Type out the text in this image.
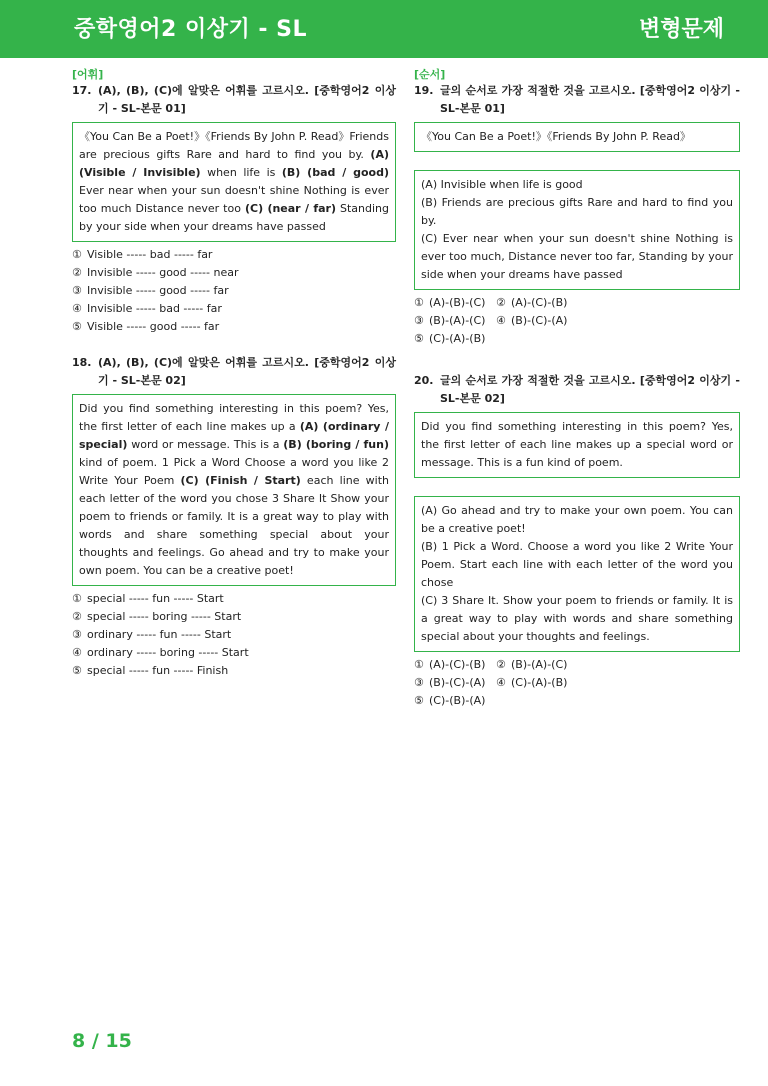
중학영어2 이상기 - SL	변형문제
[어휘]
17. (A), (B), (C)에 알맞은 어휘를 고르시오. [중학영어2 이상기 - SL-본문 01]
《You Can Be a Poet!》《Friends By John P. Read》Friends are precious gifts Rare and hard to find you by. (A) (Visible / Invisible) when life is (B) (bad / good) Ever near when your sun doesn't shine Nothing is ever too much Distance never too (C) (near / far) Standing by your side when your dreams have passed
① Visible ----- bad ----- far
② Invisible ----- good ----- near
③ Invisible ----- good ----- far
④ Invisible ----- bad ----- far
⑤ Visible ----- good ----- far
18. (A), (B), (C)에 알맞은 어휘를 고르시오. [중학영어2 이상기 - SL-본문 02]
Did you find something interesting in this poem? Yes, the first letter of each line makes up a (A) (ordinary / special) word or message. This is a (B) (boring / fun) kind of poem. 1 Pick a Word Choose a word you like 2 Write Your Poem (C) (Finish / Start) each line with each letter of the word you chose 3 Share It Show your poem to friends or family. It is a great way to play with words and share something special about your thoughts and feelings. Go ahead and try to make your own poem. You can be a creative poet!
① special ----- fun ----- Start
② special ----- boring ----- Start
③ ordinary ----- fun ----- Start
④ ordinary ----- boring ----- Start
⑤ special ----- fun ----- Finish
[순서]
19. 글의 순서로 가장 적절한 것을 고르시오. [중학영어2 이상기 - SL-본문 01]
《You Can Be a Poet!》《Friends By John P. Read》
(A) Invisible when life is good
(B) Friends are precious gifts Rare and hard to find you by.
(C) Ever near when your sun doesn't shine Nothing is ever too much, Distance never too far, Standing by your side when your dreams have passed
① (A)-(B)-(C) ② (A)-(C)-(B)
③ (B)-(A)-(C) ④ (B)-(C)-(A)
⑤ (C)-(A)-(B)
20. 글의 순서로 가장 적절한 것을 고르시오. [중학영어2 이상기 - SL-본문 02]
Did you find something interesting in this poem? Yes, the first letter of each line makes up a special word or message. This is a fun kind of poem.
(A) Go ahead and try to make your own poem. You can be a creative poet!
(B) 1 Pick a Word. Choose a word you like 2 Write Your Poem. Start each line with each letter of the word you chose
(C) 3 Share It. Show your poem to friends or family. It is a great way to play with words and share something special about your thoughts and feelings.
① (A)-(C)-(B) ② (B)-(A)-(C)
③ (B)-(C)-(A) ④ (C)-(A)-(B)
⑤ (C)-(B)-(A)
8 / 15
